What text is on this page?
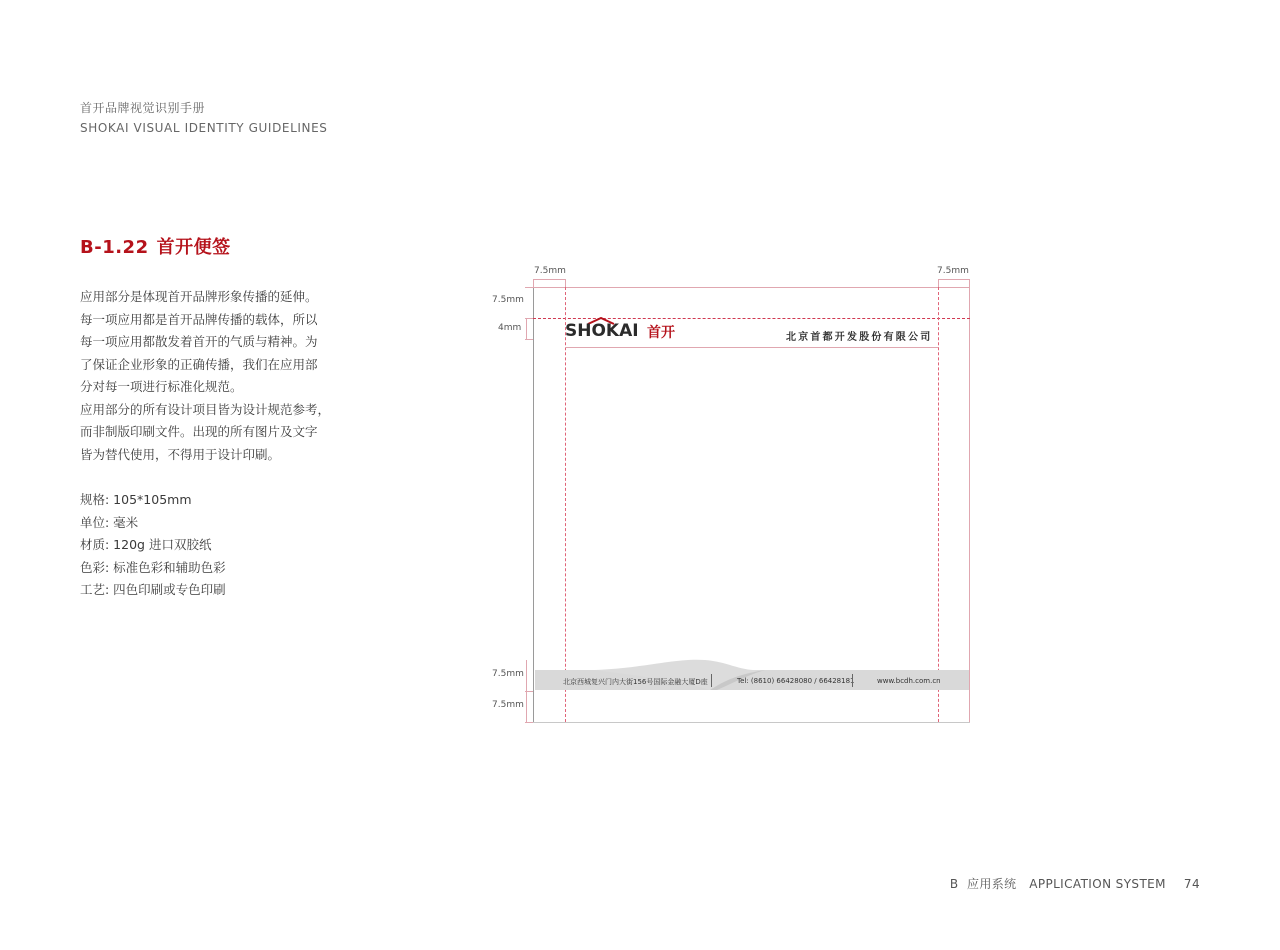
首开品牌视觉识别手册
SHOKAI VISUAL IDENTITY GUIDELINES
B-1.22 首开便签

应用部分是体现首开品牌形象传播的延伸。

每一项应用都是首开品牌传播的载体，所以

每一项应用都散发着首开的气质与精神。为

了保证企业形象的正确传播，我们在应用部

分对每一项进行标准化规范。

应用部分的所有设计项目皆为设计规范参考，

而非制版印刷文件。出现的所有图片及文字

皆为替代使用，不得用于设计印刷。

规格: 105*105mm
单位: 毫米
材质: 120g 进口双胶纸
色彩: 标准色彩和辅助色彩
工艺: 四色印刷或专色印刷
7.5mm	7.5mm
7.5mm
4mm
7.5mm
7.5mm
SHOKAI 首开	北京首都开发股份有限公司
北京西城复兴门内大街156号国际金融大厦D座	Tel: (8610) 66428080 / 66428181	www.bcdh.com.cn
B  应用系统   APPLICATION SYSTEM 74
